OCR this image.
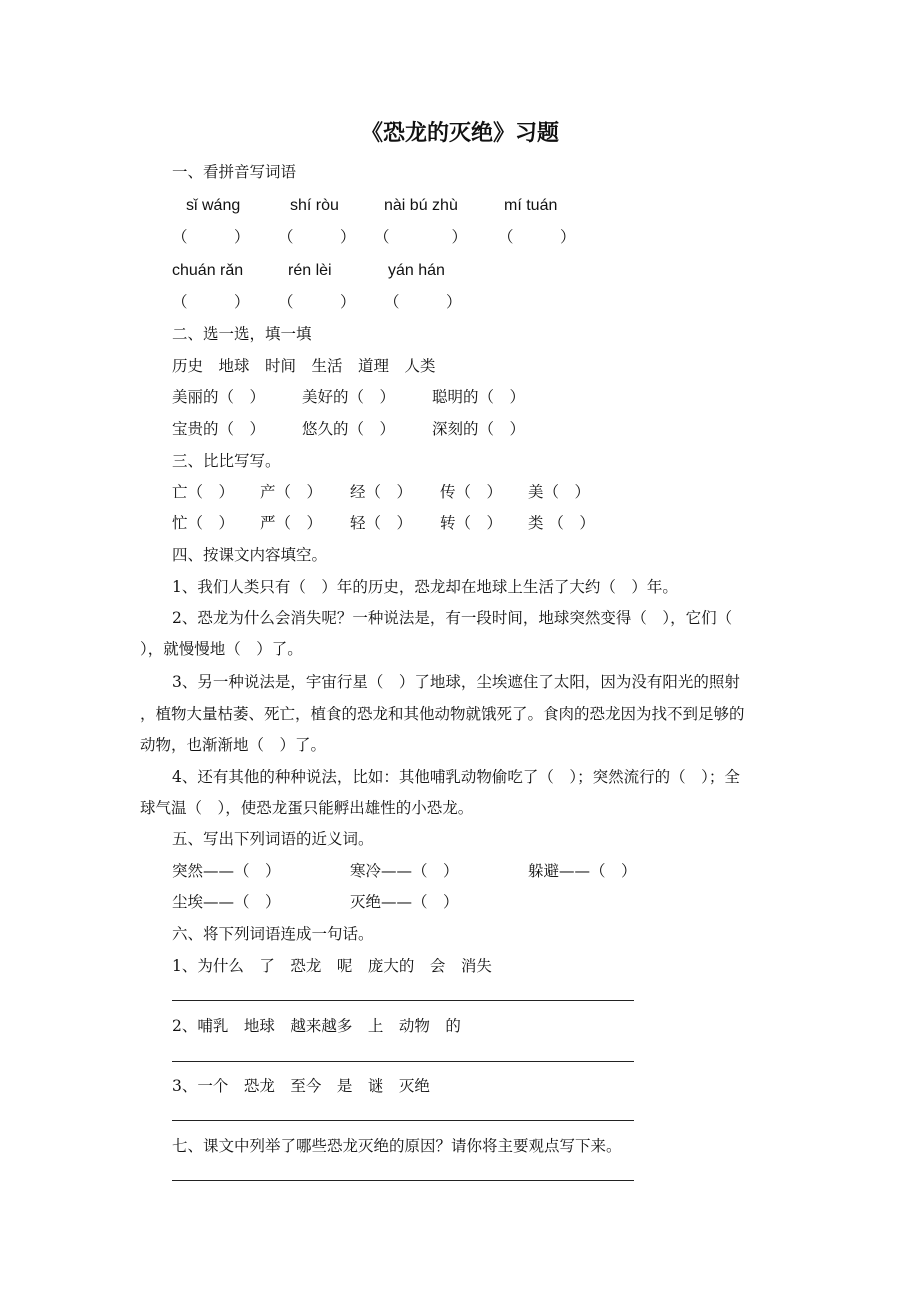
《恐龙的灭绝》习题
一、看拼音写词语
sǐ wáng	shí ròu	nài bú zhù	mí tuán
（　　　） （　　　） （　　　　） （　　　）
chuán rǎn	rén lèi	yán hán
（　　　） （　　　） （　　　）
二、选一选，填一填
历史　地球　时间　生活　道理　人类
美丽的（　） 美好的（　） 聪明的（　）
宝贵的（　） 悠久的（　） 深刻的（　）
三、比比写写。
亡（　） 产（　） 经（　） 传（　） 美（　）
忙（　） 严（　） 轻（　） 转（　） 类 （　）
四、按课文内容填空。
1、我们人类只有（　）年的历史，恐龙却在地球上生活了大约（　）年。
2、恐龙为什么会消失呢？一种说法是，有一段时间，地球突然变得（　），它们（
），就慢慢地（　）了。
3、另一种说法是，宇宙行星（　）了地球，尘埃遮住了太阳，因为没有阳光的照射
，植物大量枯萎、死亡，植食的恐龙和其他动物就饿死了。食肉的恐龙因为找不到足够的
动物，也渐渐地（　）了。
4、还有其他的种种说法，比如：其他哺乳动物偷吃了（　）；突然流行的（　）；全
球气温（　），使恐龙蛋只能孵出雄性的小恐龙。
五、写出下列词语的近义词。
突然——（　）	寒冷——（　）	躲避——（　）
尘埃——（　）	灭绝——（　）
六、将下列词语连成一句话。
1、为什么　了　恐龙　呢　庞大的　会　消失
2、哺乳　地球　越来越多　上　动物　的
3、一个　恐龙　至今　是　谜　灭绝
七、课文中列举了哪些恐龙灭绝的原因？请你将主要观点写下来。
